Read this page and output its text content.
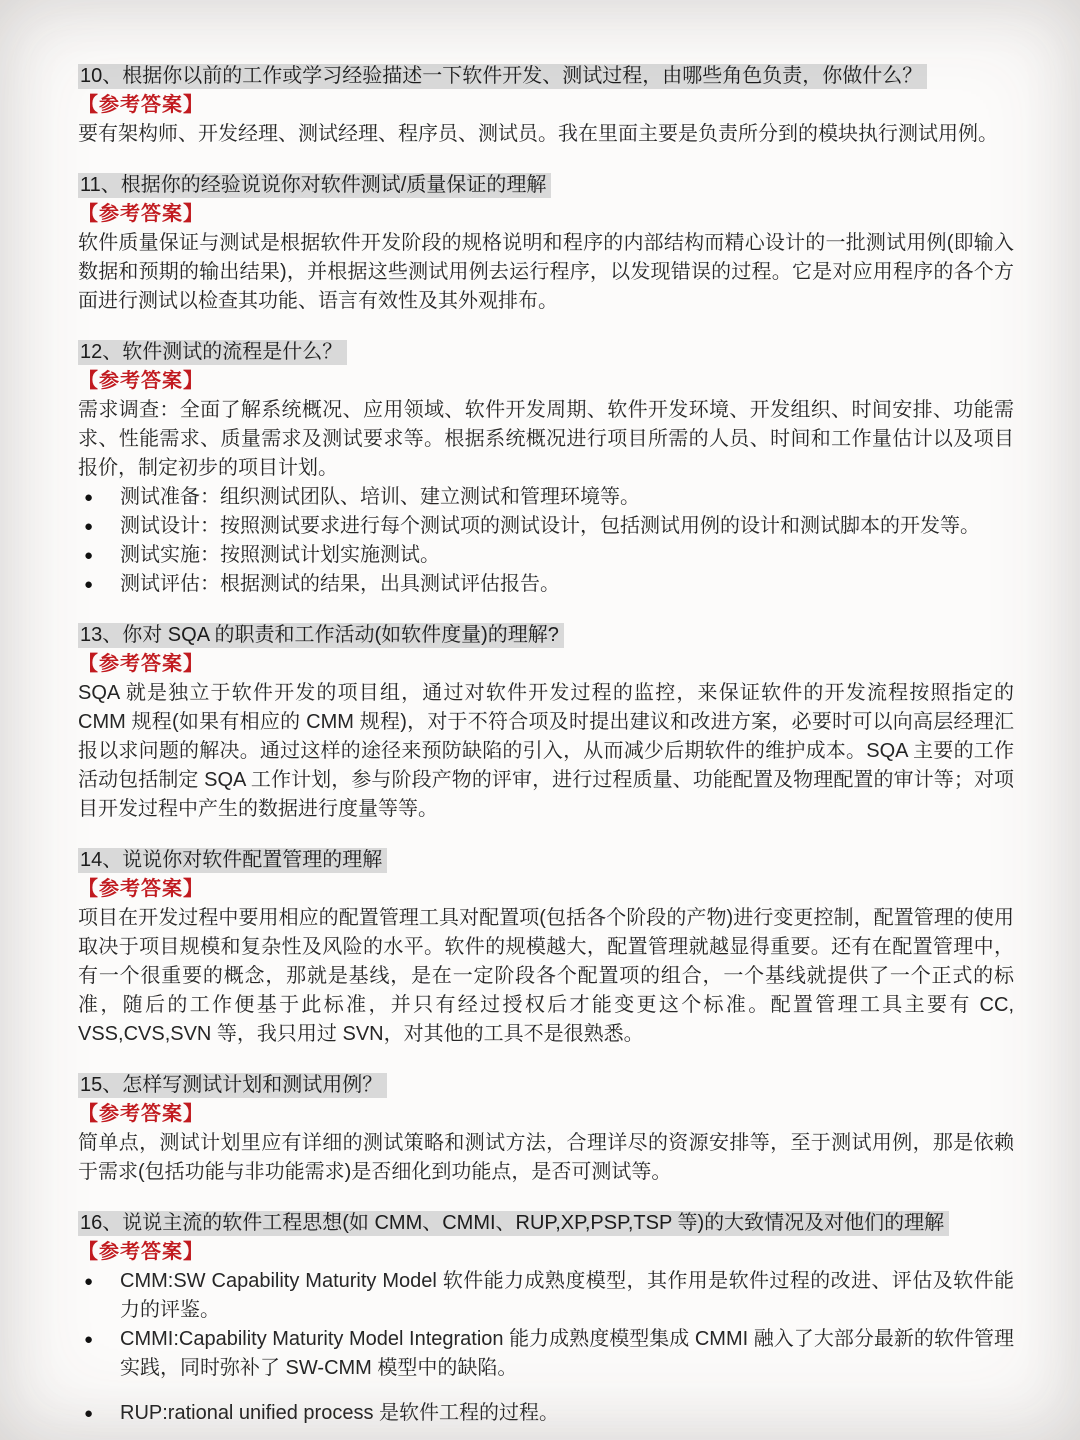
10、根据你以前的工作或学习经验描述一下软件开发、测试过程，由哪些角色负责，你做什么？
【参考答案】

要有架构师、开发经理、测试经理、程序员、测试员。我在里面主要是负责所分到的模块执行测试用例。

11、根据你的经验说说你对软件测试/质量保证的理解
【参考答案】

软件质量保证与测试是根据软件开发阶段的规格说明和程序的内部结构而精心设计的一批测试用例(即输入数据和预期的输出结果)，并根据这些测试用例去运行程序，以发现错误的过程。它是对应用程序的各个方面进行测试以检查其功能、语言有效性及其外观排布。

12、软件测试的流程是什么？
【参考答案】

需求调查：全面了解系统概况、应用领域、软件开发周期、软件开发环境、开发组织、时间安排、功能需求、性能需求、质量需求及测试要求等。根据系统概况进行项目所需的人员、时间和工作量估计以及项目报价，制定初步的项目计划。

●	测试准备：组织测试团队、培训、建立测试和管理环境等。
●	测试设计：按照测试要求进行每个测试项的测试设计，包括测试用例的设计和测试脚本的开发等。
●	测试实施：按照测试计划实施测试。
●	测试评估：根据测试的结果，出具测试评估报告。
13、你对 SQA 的职责和工作活动(如软件度量)的理解?
【参考答案】

SQA 就是独立于软件开发的项目组，通过对软件开发过程的监控，来保证软件的开发流程按照指定的 CMM 规程(如果有相应的 CMM 规程)，对于不符合项及时提出建议和改进方案，必要时可以向高层经理汇报以求问题的解决。通过这样的途径来预防缺陷的引入，从而减少后期软件的维护成本。SQA 主要的工作活动包括制定 SQA 工作计划，参与阶段产物的评审，进行过程质量、功能配置及物理配置的审计等；对项目开发过程中产生的数据进行度量等等。

14、说说你对软件配置管理的理解
【参考答案】

项目在开发过程中要用相应的配置管理工具对配置项(包括各个阶段的产物)进行变更控制，配置管理的使用取决于项目规模和复杂性及风险的水平。软件的规模越大，配置管理就越显得重要。还有在配置管理中，有一个很重要的概念，那就是基线，是在一定阶段各个配置项的组合，一个基线就提供了一个正式的标准，随后的工作便基于此标准，并只有经过授权后才能变更这个标准。配置管理工具主要有 CC, VSS,CVS,SVN 等，我只用过 SVN，对其他的工具不是很熟悉。

15、怎样写测试计划和测试用例？
【参考答案】

简单点，测试计划里应有详细的测试策略和测试方法，合理详尽的资源安排等，至于测试用例，那是依赖于需求(包括功能与非功能需求)是否细化到功能点，是否可测试等。

16、说说主流的软件工程思想(如 CMM、CMMI、RUP,XP,PSP,TSP 等)的大致情况及对他们的理解
【参考答案】
●	CMM:SW Capability Maturity Model 软件能力成熟度模型，其作用是软件过程的改进、评估及软件能力的评鉴。
●	CMMI:Capability Maturity Model Integration 能力成熟度模型集成 CMMI 融入了大部分最新的软件管理实践，同时弥补了 SW-CMM 模型中的缺陷。
●	RUP:rational unified process 是软件工程的过程。
